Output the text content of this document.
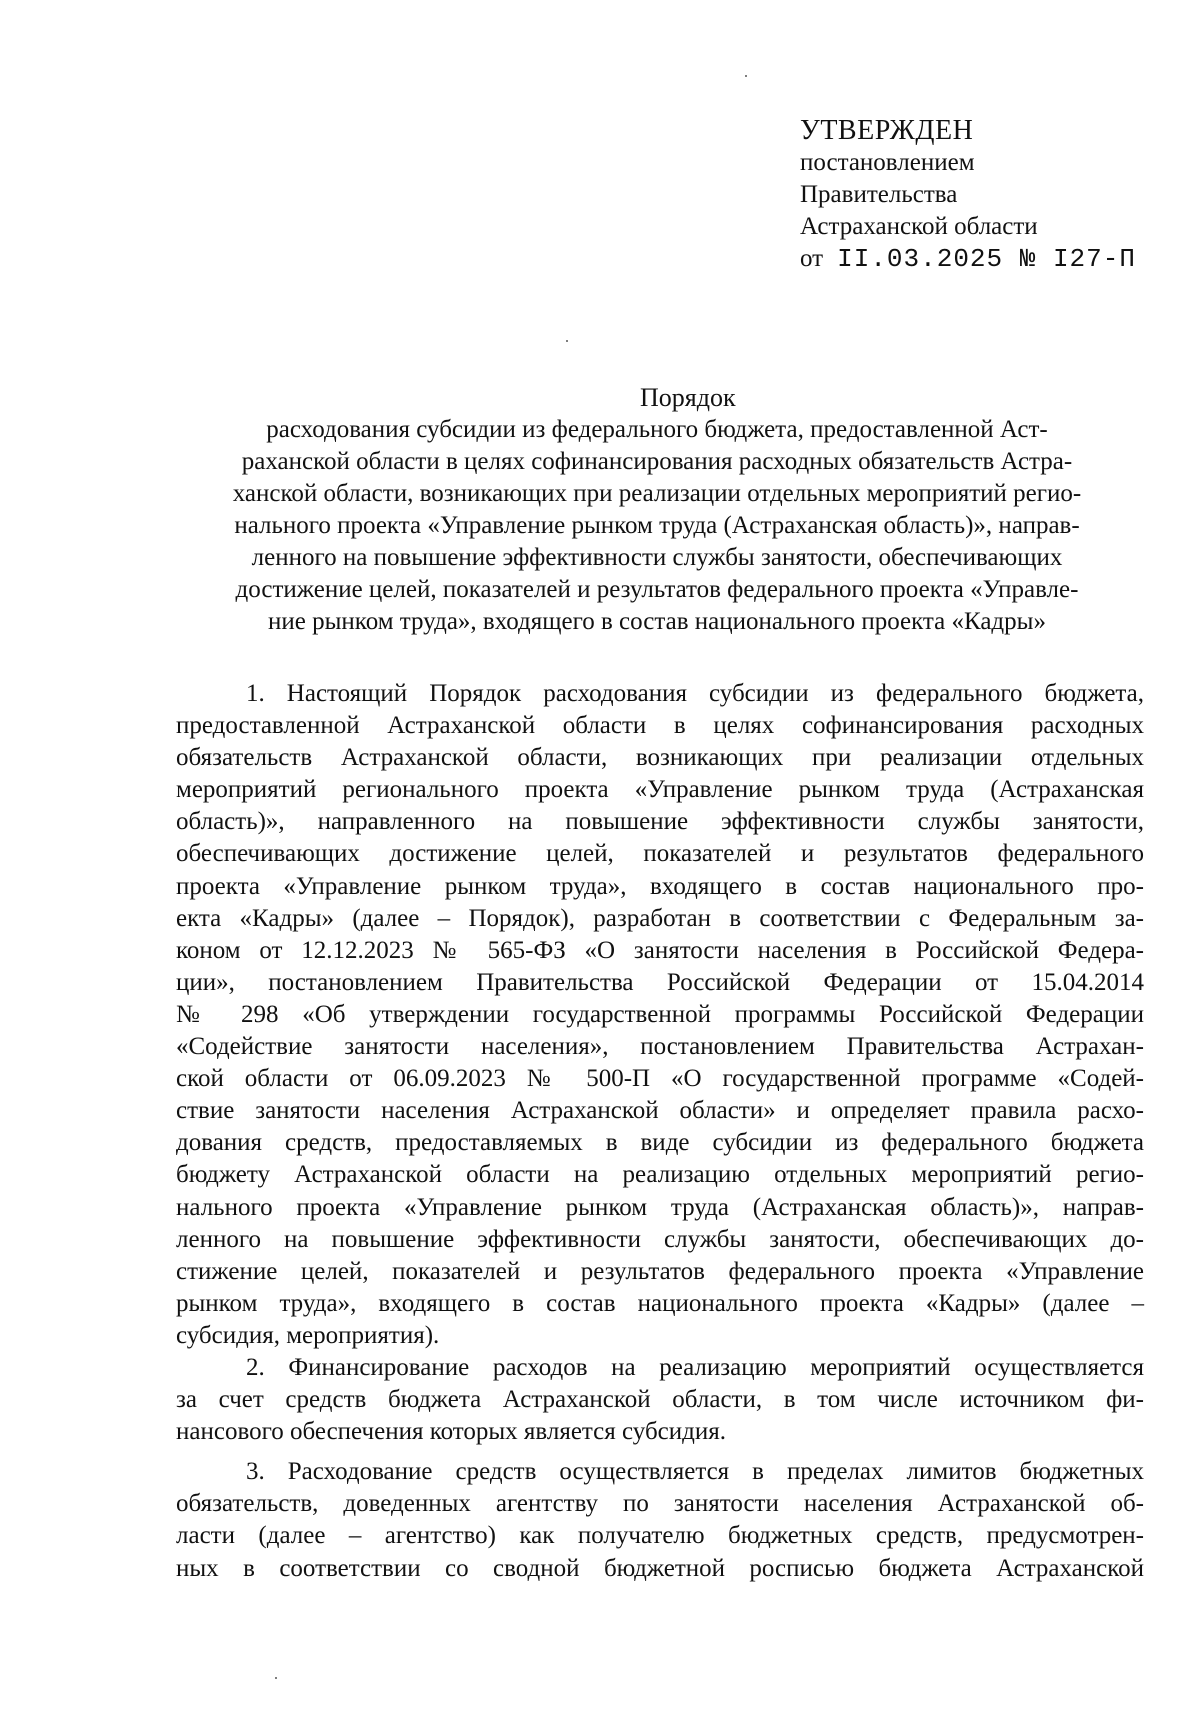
УТВЕРЖДЕН
постановлением
Правительства
Астраханской области
от II.03.2025 № I27-П
Порядок
расходования субсидии из федерального бюджета, предоставленной Аст-
раханской области в целях софинансирования расходных обязательств Астра-
ханской области, возникающих при реализации отдельных мероприятий регио-
нального проекта «Управление рынком труда (Астраханская область)», направ-
ленного на повышение эффективности службы занятости, обеспечивающих
достижение целей, показателей и результатов федерального проекта «Управле-
ние рынком труда», входящего в состав национального проекта «Кадры»
1. Настоящий Порядок расходования субсидии из федерального бюджета,
предоставленной Астраханской области в целях софинансирования расходных
обязательств Астраханской области, возникающих при реализации отдельных
мероприятий регионального проекта «Управление рынком труда (Астраханская
область)», направленного на повышение эффективности службы занятости,
обеспечивающих достижение целей, показателей и результатов федерального
проекта «Управление рынком труда», входящего в состав национального про-
екта «Кадры» (далее – Порядок), разработан в соответствии с Федеральным за-
коном от 12.12.2023 № 565-ФЗ «О занятости населения в Российской Федера-
ции», постановлением Правительства Российской Федерации от 15.04.2014
№ 298 «Об утверждении государственной программы Российской Федерации
«Содействие занятости населения», постановлением Правительства Астрахан-
ской области от 06.09.2023 № 500-П «О государственной программе «Содей-
ствие занятости населения Астраханской области» и определяет правила расхо-
дования средств, предоставляемых в виде субсидии из федерального бюджета
бюджету Астраханской области на реализацию отдельных мероприятий регио-
нального проекта «Управление рынком труда (Астраханская область)», направ-
ленного на повышение эффективности службы занятости, обеспечивающих до-
стижение целей, показателей и результатов федерального проекта «Управление
рынком труда», входящего в состав национального проекта «Кадры» (далее –
субсидия, мероприятия).
2. Финансирование расходов на реализацию мероприятий осуществляется
за счет средств бюджета Астраханской области, в том числе источником фи-
нансового обеспечения которых является субсидия.
3. Расходование средств осуществляется в пределах лимитов бюджетных
обязательств, доведенных агентству по занятости населения Астраханской об-
ласти (далее – агентство) как получателю бюджетных средств, предусмотрен-
ных в соответствии со сводной бюджетной росписью бюджета Астраханской
